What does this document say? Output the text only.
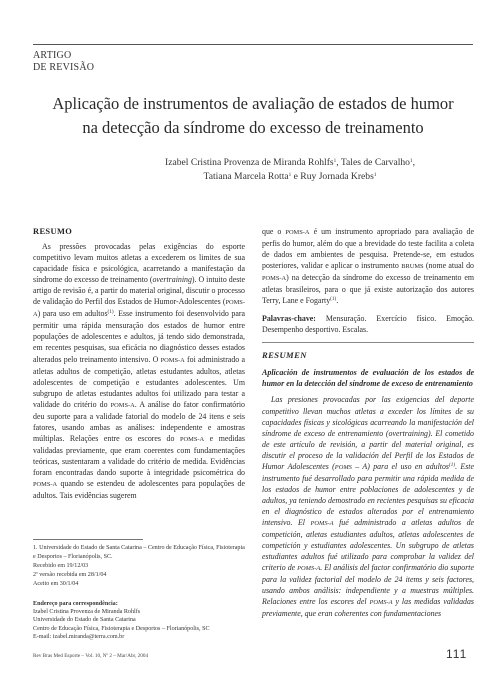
ARTIGO
DE REVISÃO
Aplicação de instrumentos de avaliação de estados de humor
na detecção da síndrome do excesso de treinamento
Izabel Cristina Provenza de Miranda Rohlfs$^1$, Tales de Carvalho$^1$,
Tatiana Marcela Rotta$^1$ e Ruy Jornada Krebs$^1$
RESUMO

As pressões provocadas pelas exigências do esporte competitivo levam muitos atletas a excederem os limites de sua capacidade física e psicológica, acarretando a manifestação da síndrome do excesso de treinamento (overtraining). O intuito deste artigo de revisão é, a partir do material original, discutir o processo de validação do Perfil dos Estados de Humor-Adolescentes (POMS-A) para uso em adultos$^{(1)}$. Esse instrumento foi desenvolvido para permitir uma rápida mensuração dos estados de humor entre populações de adolescentes e adultos, já tendo sido demonstrada, em recentes pesquisas, sua eficácia no diagnóstico desses estados alterados pelo treinamento intensivo. O POMS-A foi administrado a atletas adultos de competição, atletas estudantes adultos, atletas adolescentes de competição e estudantes adolescentes. Um subgrupo de atletas estudantes adultos foi utilizado para testar a validade do critério do POMS-A. A análise do fator confirmatório deu suporte para a validade fatorial do modelo de 24 itens e seis fatores, usando ambas as análises: independente e amostras múltiplas. Relações entre os escores do POMS-A e medidas validadas previamente, que eram coerentes com fundamentações teóricas, sustentaram a validade do critério de medida. Evidências foram encontradas dando suporte à integridade psicométrica do POMS-A quando se estendeu de adolescentes para populações de adultos. Tais evidências sugerem

que o POMS-A é um instrumento apropriado para avaliação de perfis do humor, além do que a brevidade do teste facilita a coleta de dados em ambientes de pesquisa. Pretende-se, em estudos posteriores, validar e aplicar o instrumento BRUMS (nome atual do POMS-A) na detecção da síndrome do excesso de treinamento em atletas brasileiros, para o que já existe autorização dos autores Terry, Lane e Fogarty$^{(1)}$.

Palavras-chave: Mensuração. Exercício físico. Emoção. Desempenho desportivo. Escalas.
RESUMEN

Aplicación de instrumentos de evaluación de los estados de humor en la detección del síndrome de exceso de entrenamiento

Las presiones provocadas por las exigencias del deporte competitivo llevan muchos atletas a exceder los límites de su capacidades físicas y sicológicas acarreando la manifestación del síndrome de exceso de entrenamiento (overtraining). El cometido de este artículo de revisión, a partir del material original, es discutir el proceso de la validación del Perfil de los Estados de Humor Adolescentes (POMS – A) para el uso en adultos$^{(1)}$. Este instrumento fué desarrollado para permitir una rápida medida de los estados de humor entre poblaciones de adolescentes y de adultos, ya teniendo demostrado en recientes pesquisas su eficacia en el diagnóstico de estados alterados por el entrenamiento intensivo. El POMS-A fué administrado a atletas adultos de competición, atletas estudiantes adultos, atletas adolescentes de competición y estudiantes adolescentes. Un subgrupo de atletas estudiantes adultos fué utilizado para comprobar la validez del criterio de POMS-A. El análisis del factor confirmatório dio suporte para la validez factorial del modelo de 24 items y seis factores, usando ambos análisis: independiente y a muestras múltiples. Relaciones entre los escores del POMS-A y las medidas validadas previamente, que eran coherentes con fundamentaciones

1. Universidade do Estado de Santa Catarina – Centro de Educação Física, Fisioterapia e Desportos – Florianópolis, SC.
Recebido em 19/12/03
2ª versão recebida em 28/1/04
Aceito em 30/1/04
Endereço para correspondência:
Izabel Cristina Provenza de Miranda Rohlfs
Universidade do Estado de Santa Catarina
Centro de Educação Física, Fisioterapia e Desportos – Florianópolis, SC
E-mail: izabel.miranda@terra.com.br
Rev Bras Med Esporte – Vol. 10, Nº 2 – Mar/Abr, 2004	111
